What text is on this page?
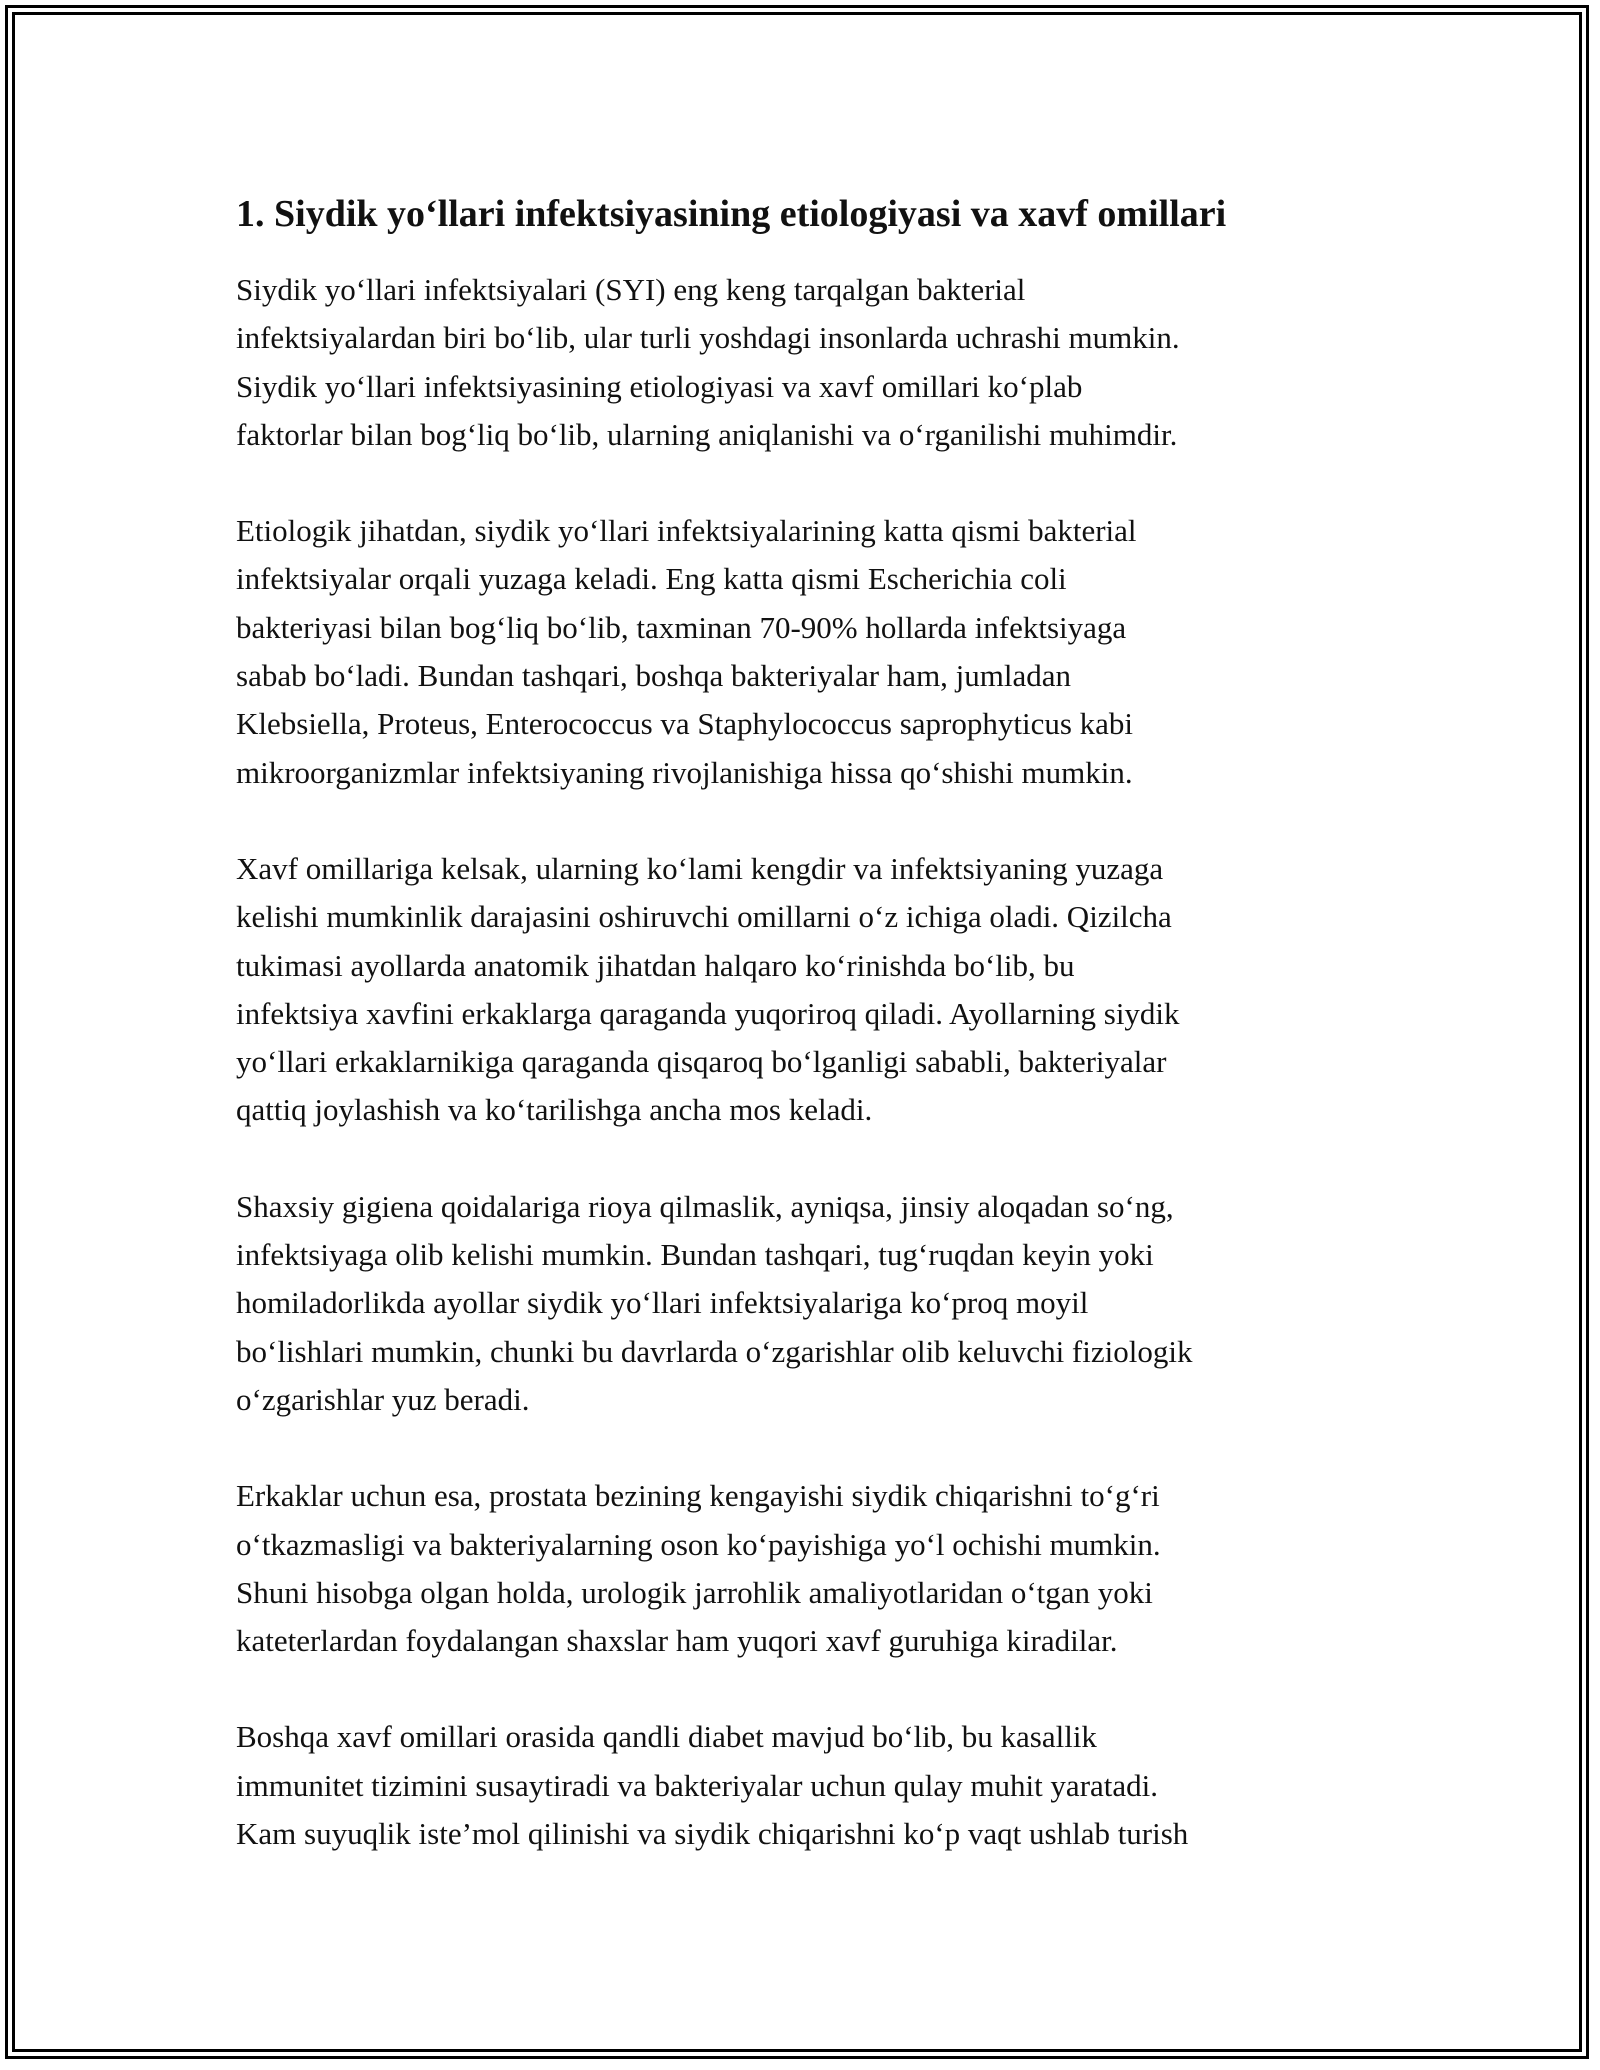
1. Siydik yo‘llari infektsiyasining etiologiyasi va xavf omillari

Siydik yo‘llari infektsiyalari (SYI) eng keng tarqalgan bakterial
infektsiyalardan biri bo‘lib, ular turli yoshdagi insonlarda uchrashi mumkin.
Siydik yo‘llari infektsiyasining etiologiyasi va xavf omillari ko‘plab
faktorlar bilan bog‘liq bo‘lib, ularning aniqlanishi va o‘rganilishi muhimdir.

Etiologik jihatdan, siydik yo‘llari infektsiyalarining katta qismi bakterial
infektsiyalar orqali yuzaga keladi. Eng katta qismi Escherichia coli
bakteriyasi bilan bog‘liq bo‘lib, taxminan 70-90% hollarda infektsiyaga
sabab bo‘ladi. Bundan tashqari, boshqa bakteriyalar ham, jumladan
Klebsiella, Proteus, Enterococcus va Staphylococcus saprophyticus kabi
mikroorganizmlar infektsiyaning rivojlanishiga hissa qo‘shishi mumkin.

Xavf omillariga kelsak, ularning ko‘lami kengdir va infektsiyaning yuzaga
kelishi mumkinlik darajasini oshiruvchi omillarni o‘z ichiga oladi. Qizilcha
tukimasi ayollarda anatomik jihatdan halqaro ko‘rinishda bo‘lib, bu
infektsiya xavfini erkaklarga qaraganda yuqoriroq qiladi. Ayollarning siydik
yo‘llari erkaklarnikiga qaraganda qisqaroq bo‘lganligi sababli, bakteriyalar
qattiq joylashish va ko‘tarilishga ancha mos keladi.

Shaxsiy gigiena qoidalariga rioya qilmaslik, ayniqsa, jinsiy aloqadan so‘ng,
infektsiyaga olib kelishi mumkin. Bundan tashqari, tug‘ruqdan keyin yoki
homiladorlikda ayollar siydik yo‘llari infektsiyalariga ko‘proq moyil
bo‘lishlari mumkin, chunki bu davrlarda o‘zgarishlar olib keluvchi fiziologik
o‘zgarishlar yuz beradi.

Erkaklar uchun esa, prostata bezining kengayishi siydik chiqarishni to‘g‘ri
o‘tkazmasligi va bakteriyalarning oson ko‘payishiga yo‘l ochishi mumkin.
Shuni hisobga olgan holda, urologik jarrohlik amaliyotlaridan o‘tgan yoki
kateterlardan foydalangan shaxslar ham yuqori xavf guruhiga kiradilar.

Boshqa xavf omillari orasida qandli diabet mavjud bo‘lib, bu kasallik
immunitet tizimini susaytiradi va bakteriyalar uchun qulay muhit yaratadi.
Kam suyuqlik iste’mol qilinishi va siydik chiqarishni ko‘p vaqt ushlab turish
